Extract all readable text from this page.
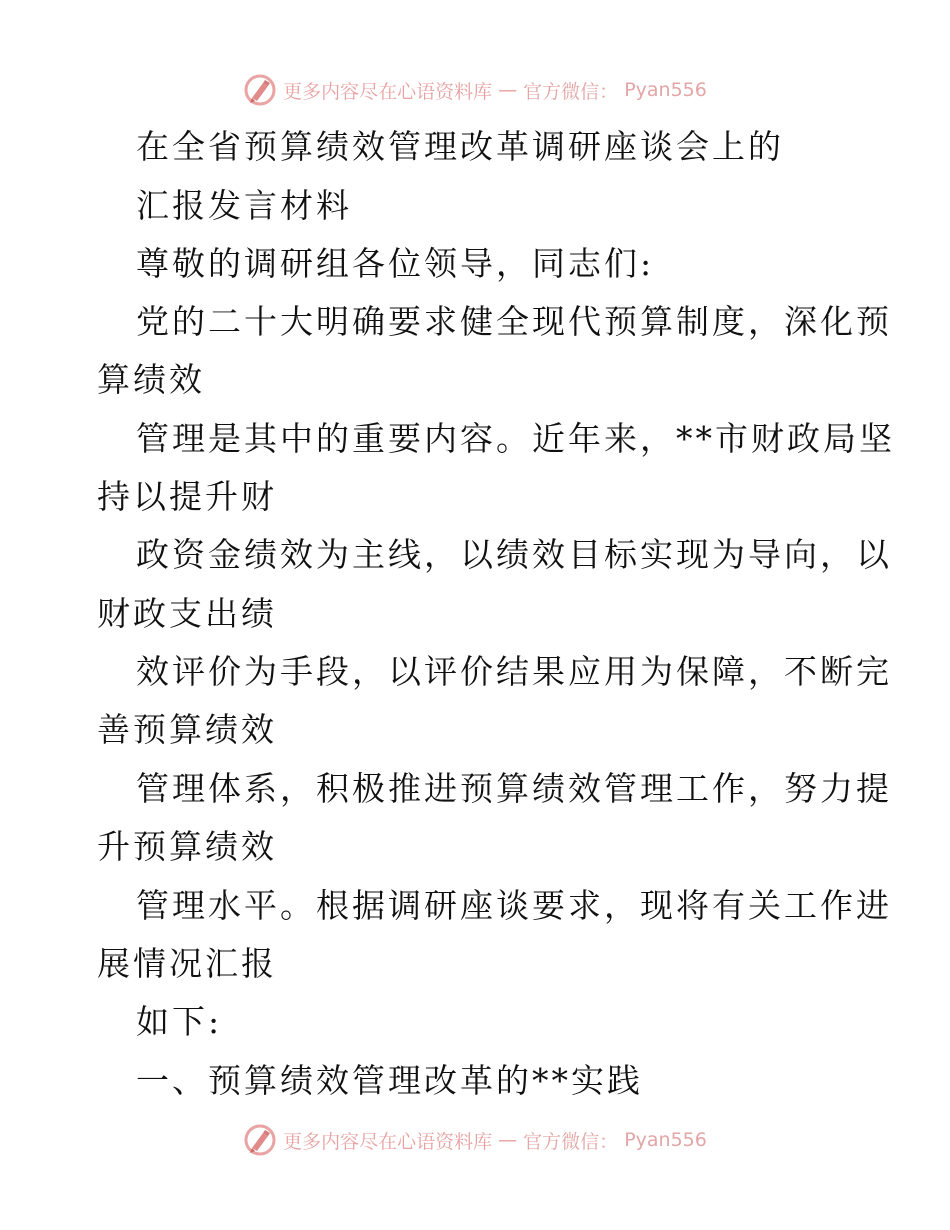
更多内容尽在心语资料库 — 官方微信： Pyan556
在全省预算绩效管理改革调研座谈会上的
汇报发言材料
尊敬的调研组各位领导，同志们:
党的二十大明确要求健全现代预算制度，深化预
算绩效
管理是其中的重要内容。近年来，**市财政局坚
持以提升财
政资金绩效为主线，以绩效目标实现为导向，以
财政支出绩
效评价为手段，以评价结果应用为保障，不断完
善预算绩效
管理体系，积极推进预算绩效管理工作，努力提
升预算绩效
管理水平。根据调研座谈要求，现将有关工作进
展情况汇报
如下:
一、预算绩效管理改革的**实践
更多内容尽在心语资料库 — 官方微信： Pyan556
